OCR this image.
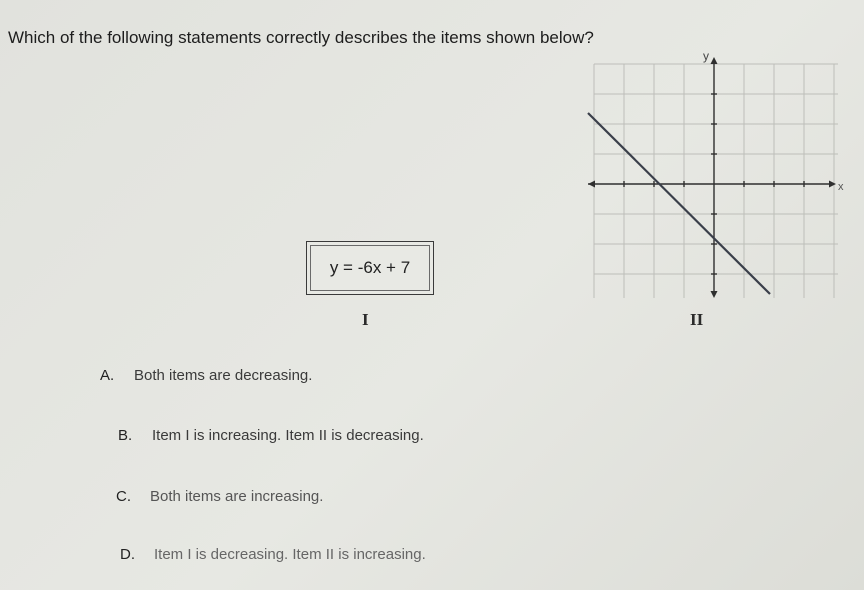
Which of the following statements correctly describes the items shown below?
y = -6x + 7
I
x
y
II
A. Both items are decreasing.
B. Item I is increasing. Item II is decreasing.
C. Both items are increasing.
D. Item I is decreasing. Item II is increasing.
